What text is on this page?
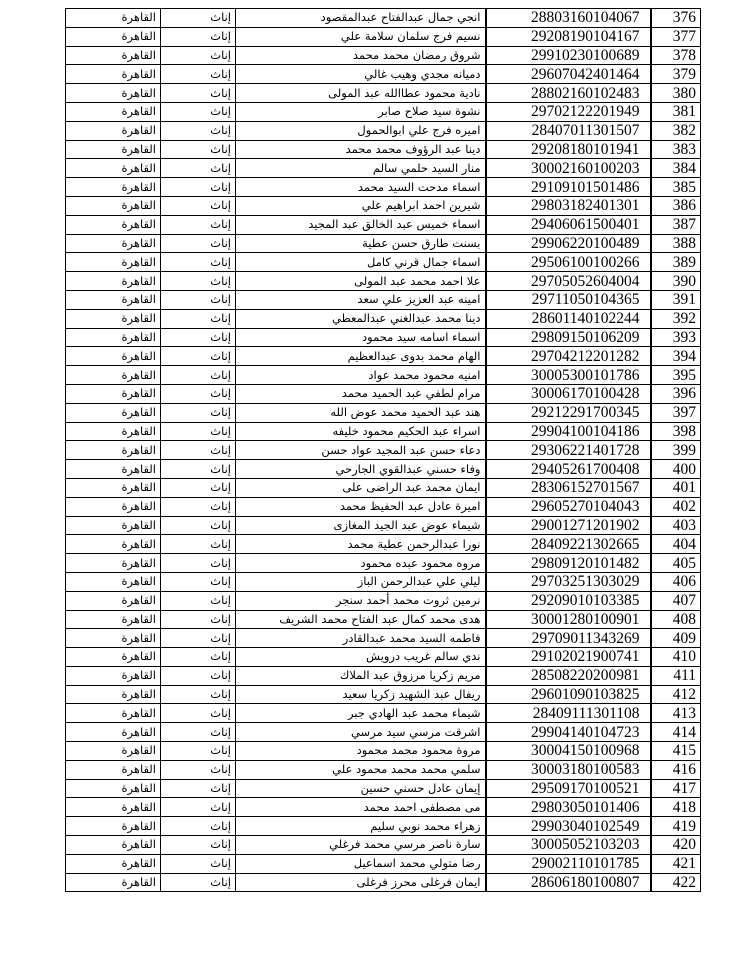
القاهرة	إناث	انجي جمال عبدالفتاح عبدالمقصود	28803160104067	376
القاهرة	إناث	نسيم فرج سلمان سلامة علي	29208190104167	377
القاهرة	إناث	شروق رمضان محمد محمد	29910230100689	378
القاهرة	إناث	دميانه مجدي وهيب غالي	29607042401464	379
القاهرة	إناث	نادية محمود عطاالله عبد المولى	28802160102483	380
القاهرة	إناث	نشوة سيد صلاح صابر	29702122201949	381
القاهرة	إناث	اميره فرج علي ابوالحمول	28407011301507	382
القاهرة	إناث	دينا عبد الرؤوف محمد محمد	29208180101941	383
القاهرة	إناث	منار السيد حلمي سالم	30002160100203	384
القاهرة	إناث	اسماء مدحت السيد محمد	29109101501486	385
القاهرة	إناث	شيرين احمد ابراهيم علي	29803182401301	386
القاهرة	إناث	اسماء خميس عبد الخالق عبد المجيد	29406061500401	387
القاهرة	إناث	بسنت طارق حسن عطية	29906220100489	388
القاهرة	إناث	اسماء جمال قرني كامل	29506100100266	389
القاهرة	إناث	علا احمد محمد عبد المولى	29705052604004	390
القاهرة	إناث	امينه عبد العزيز علي سعد	29711050104365	391
القاهرة	إناث	دينا محمد عبدالغني عبدالمعطي	28601140102244	392
القاهرة	إناث	اسماء اسامه سيد محمود	29809150106209	393
القاهرة	إناث	الهام محمد بدوى عبدالعظيم	29704212201282	394
القاهرة	إناث	امنيه محمود محمد عواد	30005300101786	395
القاهرة	إناث	مرام لطفي عبد الحميد محمد	30006170100428	396
القاهرة	إناث	هند عبد الحميد محمد عوض الله	29212291700345	397
القاهرة	إناث	اسراء عبد الحكيم محمود خليفه	29904100104186	398
القاهرة	إناث	دعاء حسن عبد المجيد عواد حسن	29306221401728	399
القاهرة	إناث	وفاء حسني عبدالقوي الجارحي	29405261700408	400
القاهرة	إناث	ايمان محمد عبد الراضى على	28306152701567	401
القاهرة	إناث	اميرة عادل عبد الحفيظ محمد	29605270104043	402
القاهرة	إناث	شيماء عوض عبد الجيد المغازى	29001271201902	403
القاهرة	إناث	نورا عبدالرحمن عطية محمد	28409221302665	404
القاهرة	إناث	مروه محمود عبده محمود	29809120101482	405
القاهرة	إناث	ليلي علي عبدالرحمن الباز	29703251303029	406
القاهرة	إناث	نرمين ثروت محمد أحمد سنجر	29209010103385	407
القاهرة	إناث	هدى محمد كمال عبد الفتاح محمد الشريف	30001280100901	408
القاهرة	إناث	فاطمه السيد محمد عبدالقادر	29709011343269	409
القاهرة	إناث	ندي سالم غريب درويش	29102021900741	410
القاهرة	إناث	مريم زكريا مرزوق عبد الملاك	28508220200981	411
القاهرة	إناث	ريفال عبد الشهيد زكريا سعيد	29601090103825	412
القاهرة	إناث	شيماء محمد عبد الهادي جبر	28409111301108	413
القاهرة	إناث	اشرقت مرسي سيد مرسي	29904140104723	414
القاهرة	إناث	مروة محمود محمد محمود	30004150100968	415
القاهرة	إناث	سلمي محمد محمد محمود علي	30003180100583	416
القاهرة	إناث	إيمان عادل حسني حسين	29509170100521	417
القاهرة	إناث	مى مصطفى احمد محمد	29803050101406	418
القاهرة	إناث	زهراء محمد نوبي سليم	29903040102549	419
القاهرة	إناث	سارة ناصر مرسي محمد فرغلي	30005052103203	420
القاهرة	إناث	رضا متولي محمد اسماعيل	29002110101785	421
القاهرة	إناث	ايمان فرغلى محرز فرغلى	28606180100807	422
